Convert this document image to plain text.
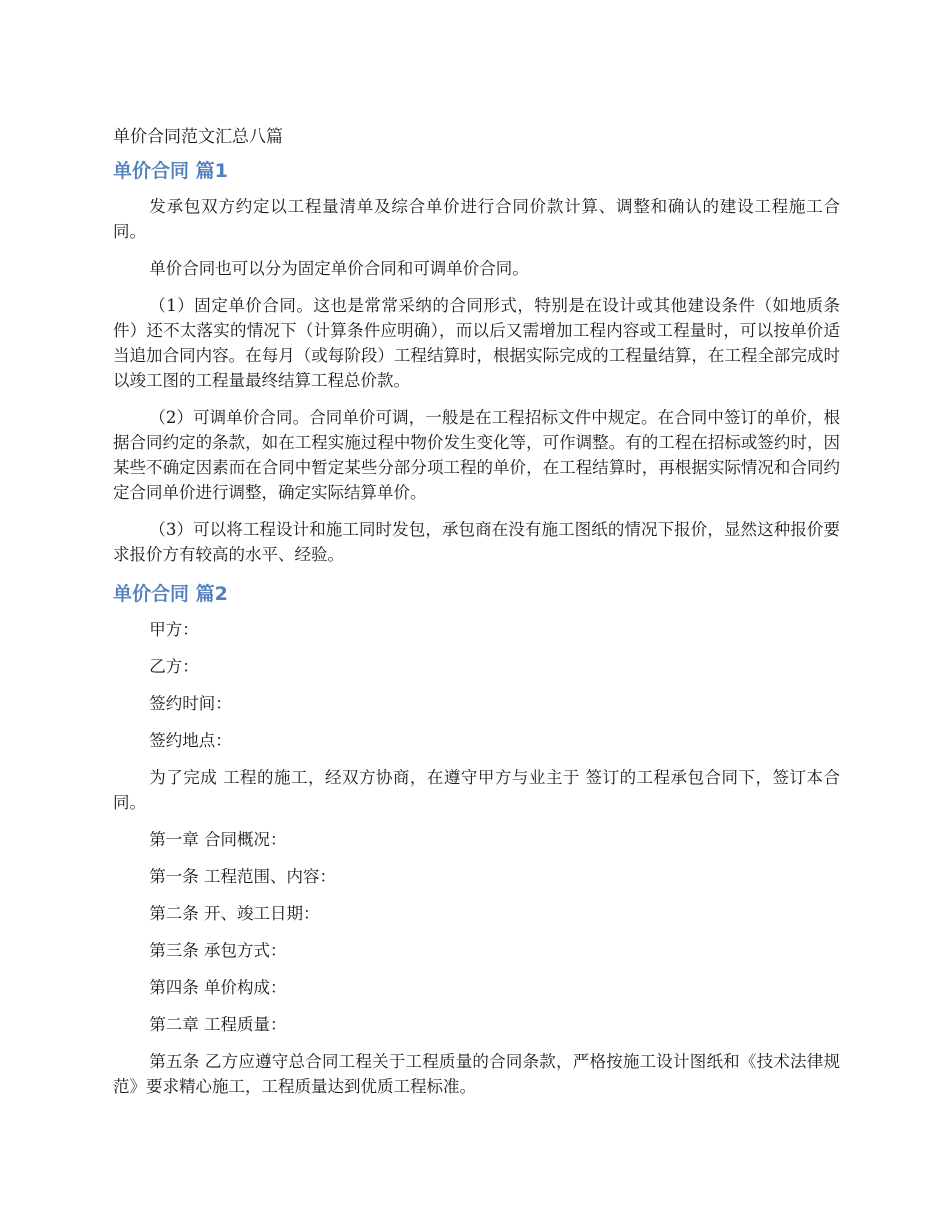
单价合同范文汇总八篇
单价合同 篇1

发承包双方约定以工程量清单及综合单价进行合同价款计算、调整和确认的建设工程施工合同。

单价合同也可以分为固定单价合同和可调单价合同。

（1）固定单价合同。这也是常常采纳的合同形式，特别是在设计或其他建设条件（如地质条件）还不太落实的情况下（计算条件应明确），而以后又需增加工程内容或工程量时，可以按单价适当追加合同内容。在每月（或每阶段）工程结算时，根据实际完成的工程量结算，在工程全部完成时以竣工图的工程量最终结算工程总价款。

（2）可调单价合同。合同单价可调，一般是在工程招标文件中规定。在合同中签订的单价，根据合同约定的条款，如在工程实施过程中物价发生变化等，可作调整。有的工程在招标或签约时，因某些不确定因素而在合同中暂定某些分部分项工程的单价，在工程结算时，再根据实际情况和合同约定合同单价进行调整，确定实际结算单价。

（3）可以将工程设计和施工同时发包，承包商在没有施工图纸的情况下报价，显然这种报价要求报价方有较高的水平、经验。

单价合同 篇2

甲方：

乙方：

签约时间：

签约地点：

为了完成 工程的施工，经双方协商，在遵守甲方与业主于 签订的工程承包合同下，签订本合同。

第一章 合同概况：

第一条 工程范围、内容：

第二条 开、竣工日期：

第三条 承包方式：

第四条 单价构成：

第二章 工程质量：

第五条 乙方应遵守总合同工程关于工程质量的合同条款，严格按施工设计图纸和《技术法律规范》要求精心施工，工程质量达到优质工程标准。
